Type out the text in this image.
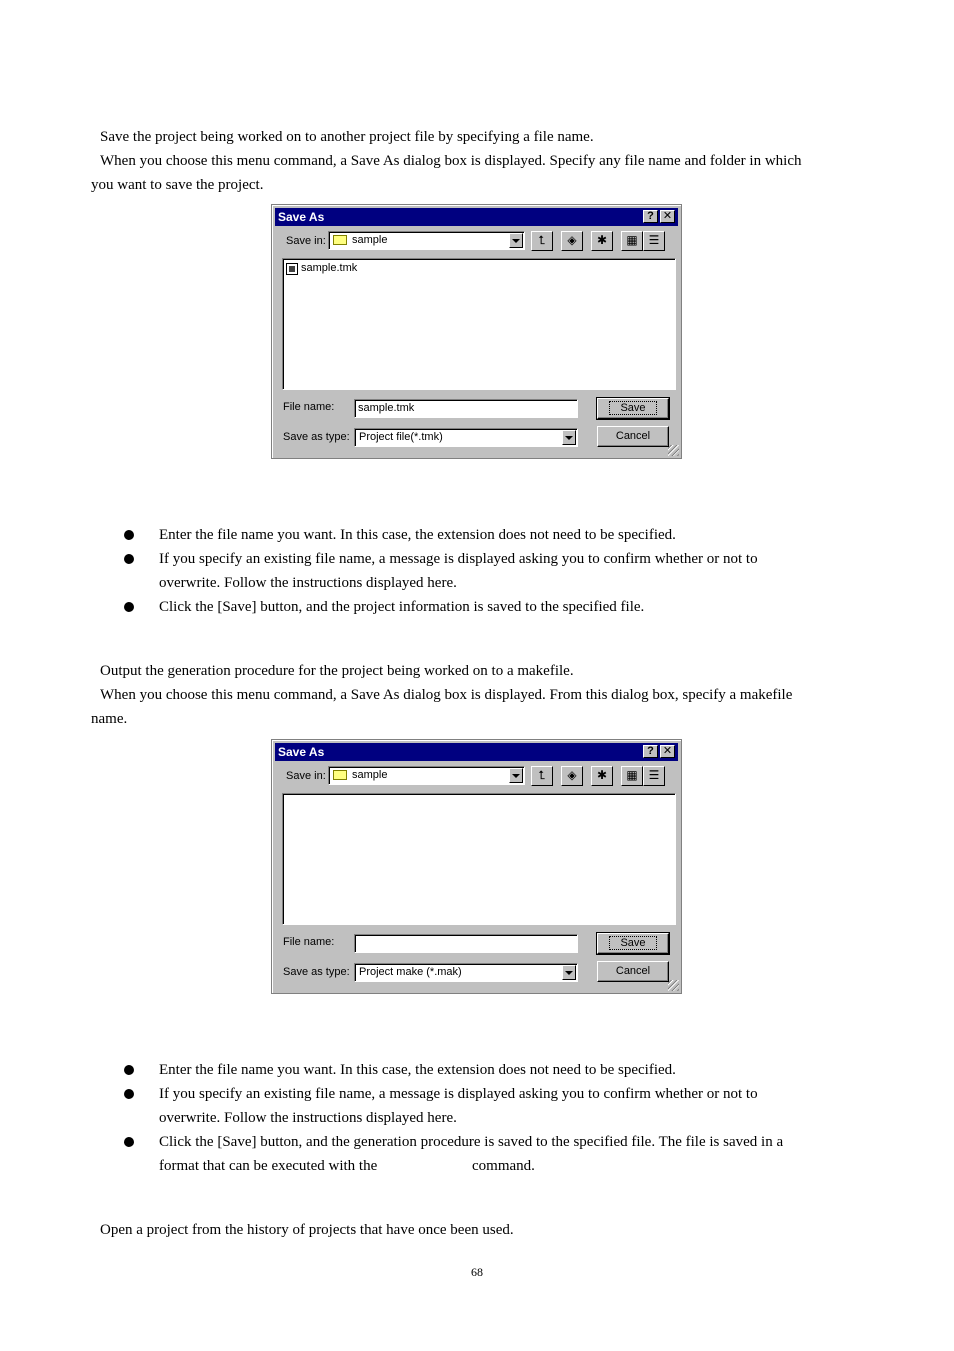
Save the project being worked on to another project file by specifying a file name.
When you choose this menu command, a Save As dialog box is displayed. Specify any file name and folder in which
you want to save the project.
Save As	? ✕
Save in: sample	⮤	◈	✱	▦ ☰
sample.tmk
File name: sample.tmk	Save
Save as type: Project file(*.tmk)	Cancel
Enter the file name you want. In this case, the extension does not need to be specified.
If you specify an existing file name, a message is displayed asking you to confirm whether or not to
overwrite. Follow the instructions displayed here.
Click the [Save] button, and the project information is saved to the specified file.
Output the generation procedure for the project being worked on to a makefile.
When you choose this menu command, a Save As dialog box is displayed. From this dialog box, specify a makefile
name.
Save As	? ✕
Save in: sample	⮤	◈	✱	▦ ☰
File name:	Save
Save as type: Project make (*.mak)	Cancel
Enter the file name you want. In this case, the extension does not need to be specified.
If you specify an existing file name, a message is displayed asking you to confirm whether or not to
overwrite. Follow the instructions displayed here.
Click the [Save] button, and the generation procedure is saved to the specified file. The file is saved in a
format that can be executed with the	command.
Open a project from the history of projects that have once been used.
68
